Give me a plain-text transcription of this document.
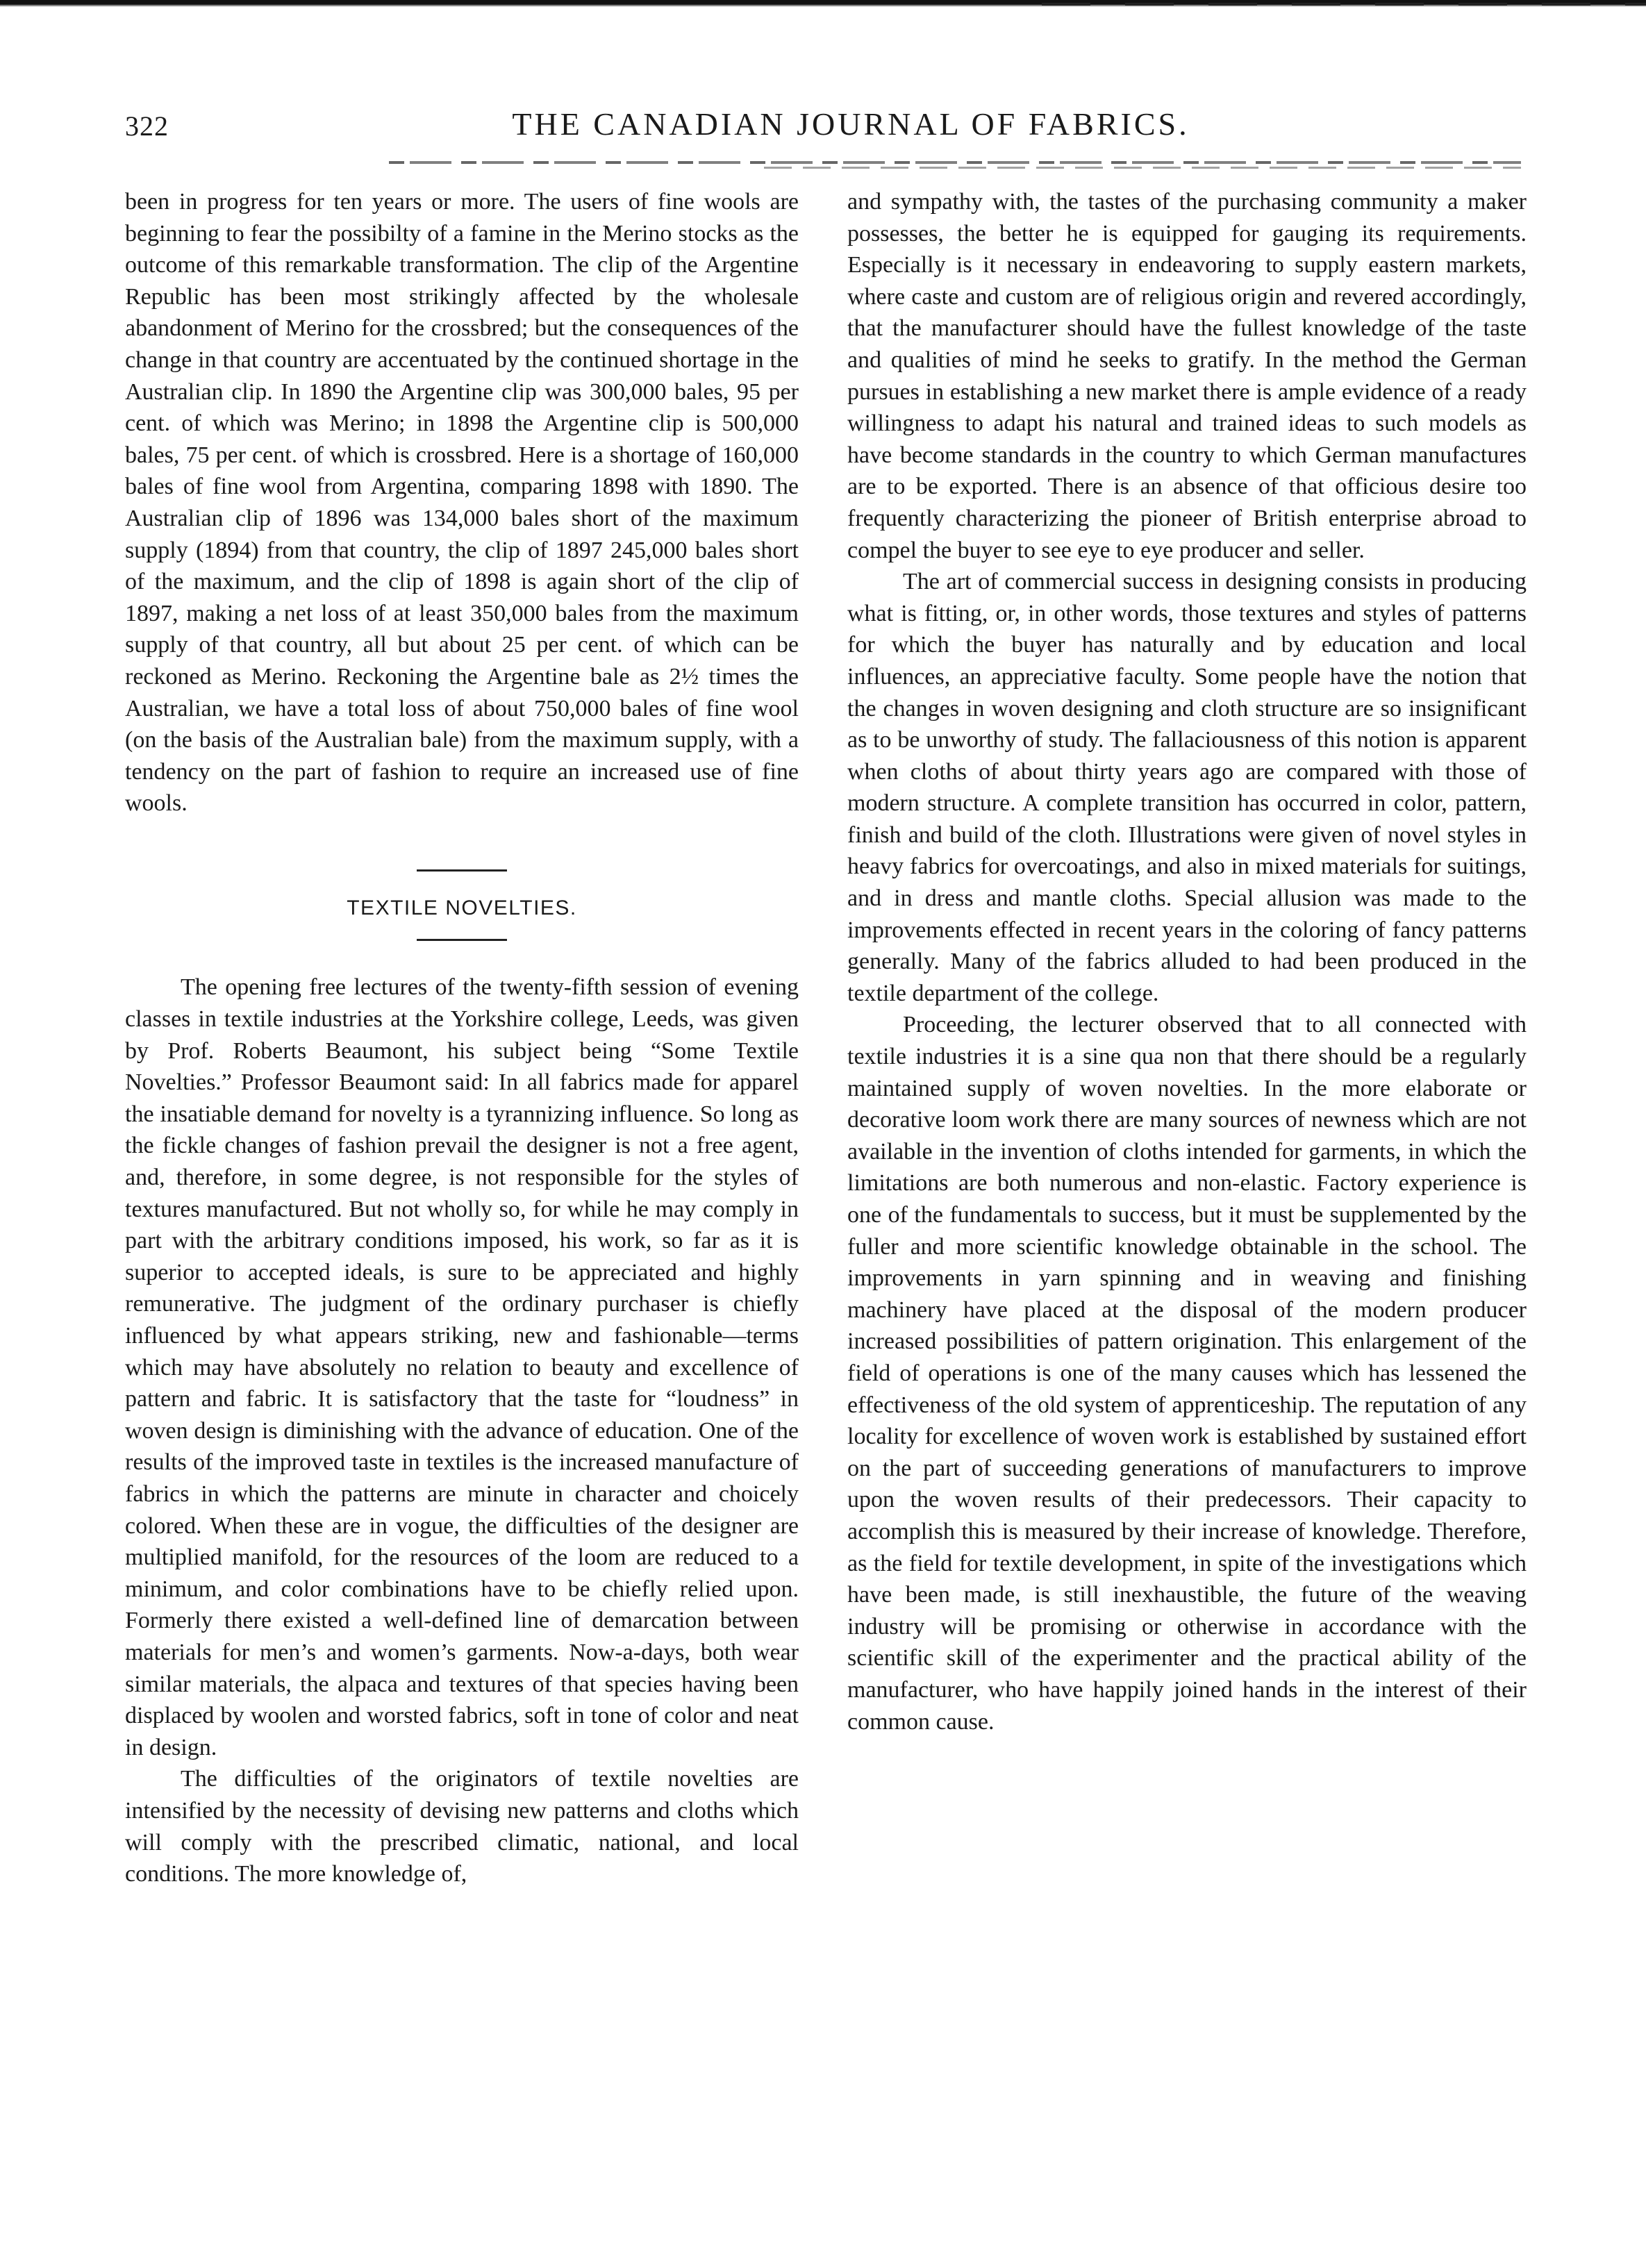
322	THE CANADIAN JOURNAL OF FABRICS.

been in progress for ten years or more. The users of fine wools are beginning to fear the possibilty of a famine in the Merino stocks as the outcome of this remarkable transformation. The clip of the Argentine Republic has been most strikingly affected by the wholesale abandonment of Merino for the crossbred; but the consequences of the change in that country are accentuated by the continued shortage in the Australian clip. In 1890 the Argentine clip was 300,000 bales, 95 per cent. of which was Merino; in 1898 the Argentine clip is 500,000 bales, 75 per cent. of which is crossbred. Here is a shortage of 160,000 bales of fine wool from Argentina, comparing 1898 with 1890. The Australian clip of 1896 was 134,000 bales short of the maximum supply (1894) from that country, the clip of 1897 245,000 bales short of the maximum, and the clip of 1898 is again short of the clip of 1897, making a net loss of at least 350,000 bales from the maximum supply of that country, all but about 25 per cent. of which can be reckoned as Merino. Reckoning the Argentine bale as 2½ times the Australian, we have a total loss of about 750,000 bales of fine wool (on the basis of the Australian bale) from the maximum supply, with a tendency on the part of fashion to require an increased use of fine wools.

TEXTILE NOVELTIES.

The opening free lectures of the twenty-fifth session of evening classes in textile industries at the Yorkshire college, Leeds, was given by Prof. Roberts Beaumont, his subject being “Some Textile Novelties.” Professor Beaumont said: In all fabrics made for apparel the insatiable demand for novelty is a tyrannizing influence. So long as the fickle changes of fashion prevail the designer is not a free agent, and, therefore, in some degree, is not responsible for the styles of textures manufactured. But not wholly so, for while he may comply in part with the arbitrary conditions imposed, his work, so far as it is superior to accepted ideals, is sure to be appreciated and highly remunerative. The judgment of the ordinary purchaser is chiefly influenced by what appears striking, new and fashionable—terms which may have absolutely no relation to beauty and excellence of pattern and fabric. It is satisfactory that the taste for “loudness” in woven design is diminishing with the advance of education. One of the results of the improved taste in textiles is the increased manufacture of fabrics in which the patterns are minute in character and choicely colored. When these are in vogue, the difficulties of the designer are multiplied manifold, for the resources of the loom are reduced to a minimum, and color combinations have to be chiefly relied upon. Formerly there existed a well-defined line of demarcation between materials for men’s and women’s garments. Now-a-days, both wear similar materials, the alpaca and textures of that species having been displaced by woolen and worsted fabrics, soft in tone of color and neat in design.

The difficulties of the originators of textile novelties are intensified by the necessity of devising new patterns and cloths which will comply with the prescribed climatic, national, and local conditions. The more knowledge of,

and sympathy with, the tastes of the purchasing community a maker possesses, the better he is equipped for gauging its requirements. Especially is it necessary in endeavoring to supply eastern markets, where caste and custom are of religious origin and revered accordingly, that the manufacturer should have the fullest knowledge of the taste and qualities of mind he seeks to gratify. In the method the German pursues in establishing a new market there is ample evidence of a ready willingness to adapt his natural and trained ideas to such models as have become standards in the country to which German manufactures are to be exported. There is an absence of that officious desire too frequently characterizing the pioneer of British enterprise abroad to compel the buyer to see eye to eye producer and seller.

The art of commercial success in designing consists in producing what is fitting, or, in other words, those textures and styles of patterns for which the buyer has naturally and by education and local influences, an appreciative faculty. Some people have the notion that the changes in woven designing and cloth structure are so insignificant as to be unworthy of study. The fallaciousness of this notion is apparent when cloths of about thirty years ago are compared with those of modern structure. A complete transition has occurred in color, pattern, finish and build of the cloth. Illustrations were given of novel styles in heavy fabrics for overcoatings, and also in mixed materials for suitings, and in dress and mantle cloths. Special allusion was made to the improvements effected in recent years in the coloring of fancy patterns generally. Many of the fabrics alluded to had been produced in the textile department of the college.

Proceeding, the lecturer observed that to all connected with textile industries it is a sine qua non that there should be a regularly maintained supply of woven novelties. In the more elaborate or decorative loom work there are many sources of newness which are not available in the invention of cloths intended for garments, in which the limitations are both numerous and non-elastic. Factory experience is one of the fundamentals to success, but it must be supplemented by the fuller and more scientific knowledge obtainable in the school. The improvements in yarn spinning and in weaving and finishing machinery have placed at the disposal of the modern producer increased possibilities of pattern origination. This enlargement of the field of operations is one of the many causes which has lessened the effectiveness of the old system of apprenticeship. The reputation of any locality for excellence of woven work is established by sustained effort on the part of succeeding generations of manufacturers to improve upon the woven results of their predecessors. Their capacity to accomplish this is measured by their increase of knowledge. Therefore, as the field for textile development, in spite of the investigations which have been made, is still inexhaustible, the future of the weaving industry will be promising or otherwise in accordance with the scientific skill of the experimenter and the practical ability of the manufacturer, who have happily joined hands in the interest of their common cause.
